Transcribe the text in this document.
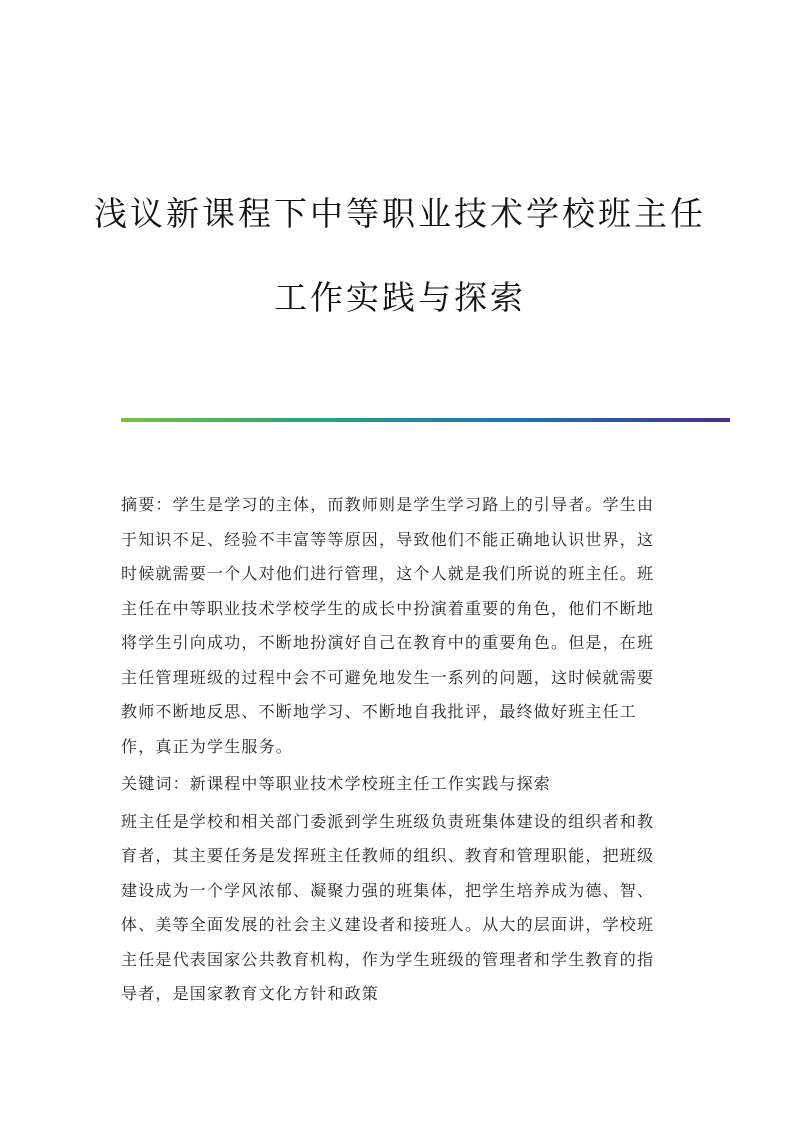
浅议新课程下中等职业技术学校班主任
工作实践与探索

摘要：学生是学习的主体，而教师则是学生学习路上的引导者。学生由于知识不足、经验不丰富等等原因，导致他们不能正确地认识世界，这时候就需要一个人对他们进行管理，这个人就是我们所说的班主任。班主任在中等职业技术学校学生的成长中扮演着重要的角色，他们不断地将学生引向成功，不断地扮演好自己在教育中的重要角色。但是，在班主任管理班级的过程中会不可避免地发生一系列的问题，这时候就需要教师不断地反思、不断地学习、不断地自我批评，最终做好班主任工作，真正为学生服务。

关键词：新课程中等职业技术学校班主任工作实践与探索

班主任是学校和相关部门委派到学生班级负责班集体建设的组织者和教育者，其主要任务是发挥班主任教师的组织、教育和管理职能，把班级建设成为一个学风浓郁、凝聚力强的班集体，把学生培养成为德、智、体、美等全面发展的社会主义建设者和接班人。从大的层面讲，学校班主任是代表国家公共教育机构，作为学生班级的管理者和学生教育的指导者，是国家教育文化方针和政策
